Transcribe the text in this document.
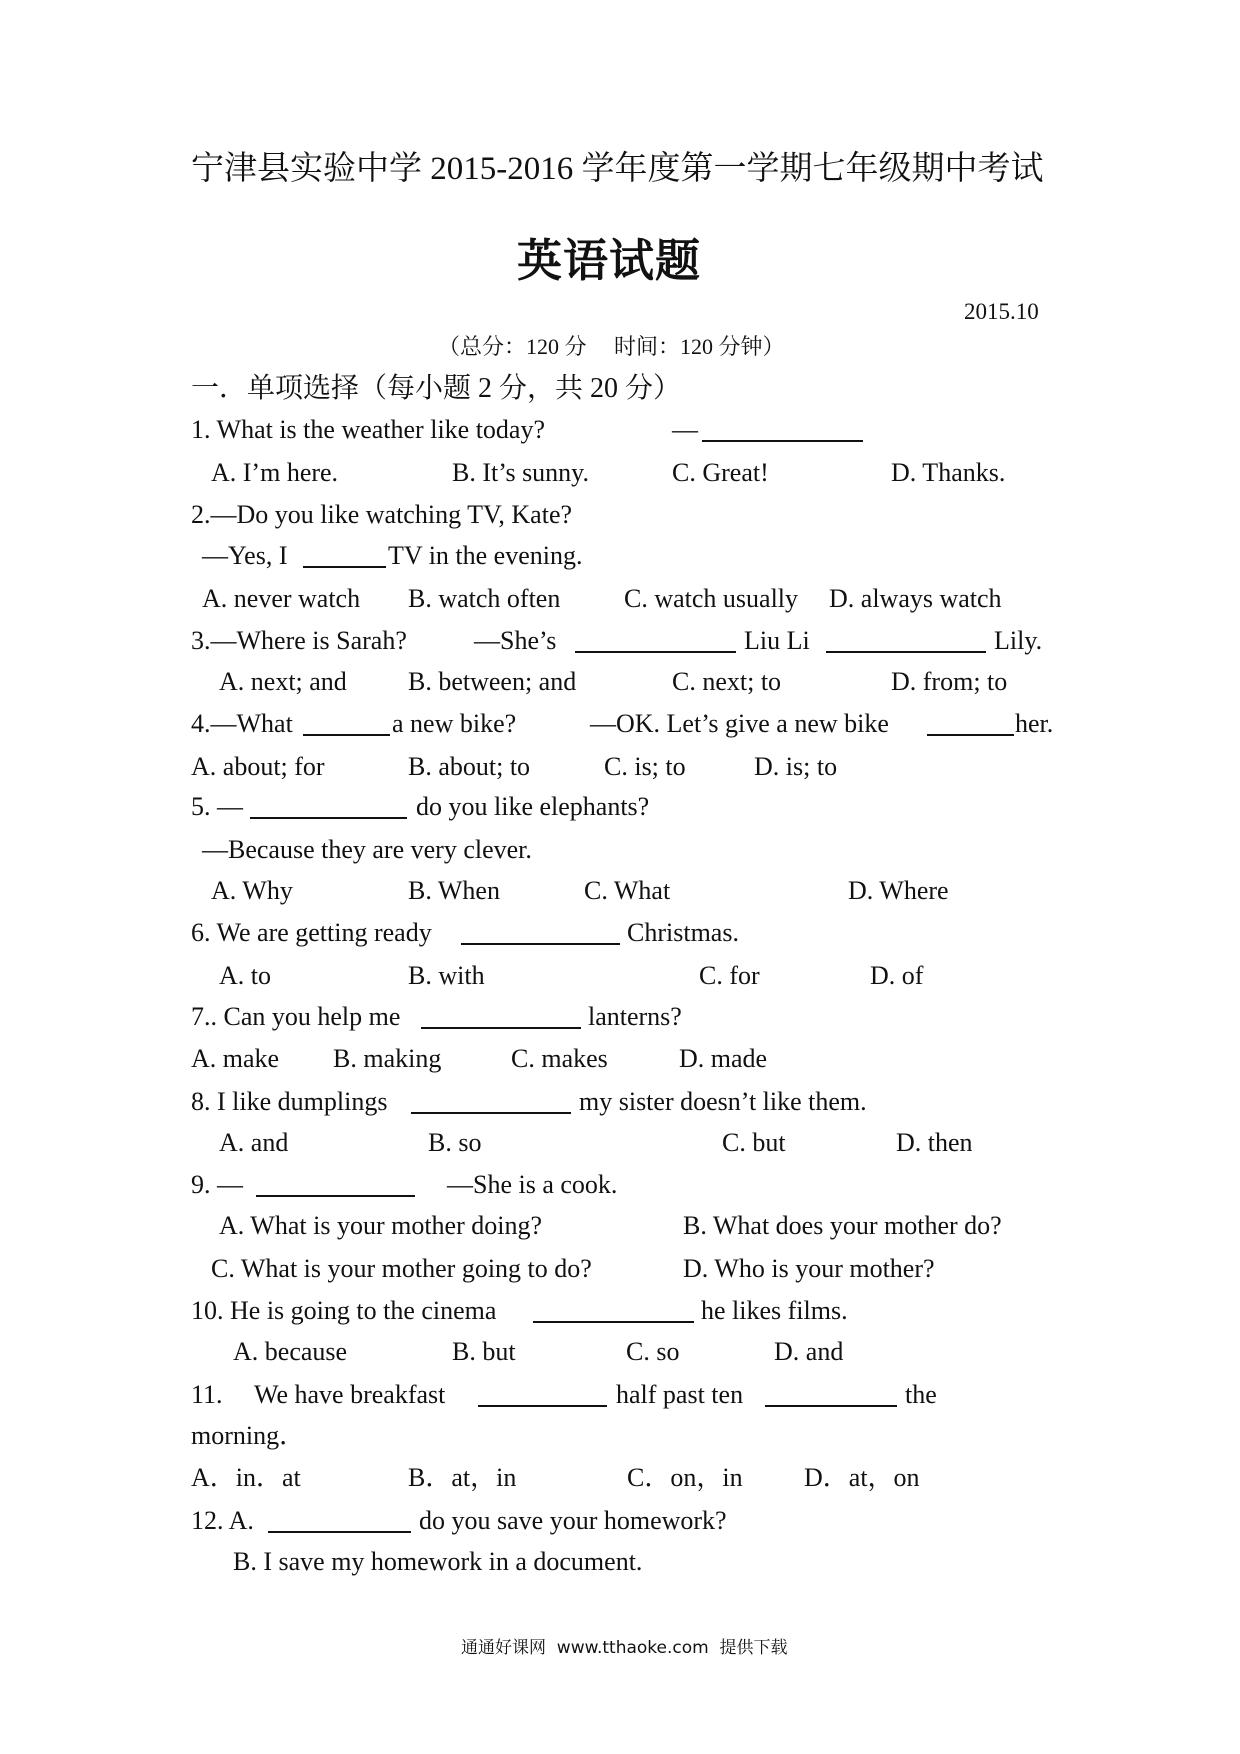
宁津县实验中学 2015-2016 学年度第一学期七年级期中考试
英语试题
2015.10
（总分：120 分     时间：120 分钟）
一．单项选择（每小题 2 分，共 20 分）
1. What is the weather like today?	—
A. I’m here.	B. It’s sunny.	C. Great!	D. Thanks.
2.—Do you like watching TV, Kate?
—Yes, I	TV in the evening.
A. never watch B. watch often C. watch usually D. always watch
3.—Where is Sarah?	—She’s	Liu Li	Lily.
A. next; and B. between; and	C. next; to	D. from; to
4.—What	a new bike?	—OK. Let’s give a new bike	her.
A. about; for	B. about; to	C. is; to	D. is; to
5. —	do you like elephants?
—Because they are very clever.
A. Why	B. When	C. What	D. Where
6. We are getting ready	Christmas.
A. to	B. with	C. for	D. of
7.. Can you help me	lanterns?
A. make B. making	C. makes	D. made
8. I like dumplings	my sister doesn’t like them.
A. and	B. so	C. but	D. then
9. —	—She is a cook.
A. What is your mother doing?	B. What does your mother do?
C. What is your mother going to do?	D. Who is your mother?
10. He is going to the cinema	he likes films.
A. because	B. but	C. so	D. and
11. We have breakfast	half past ten	the
morning．
A．in．at	B．at，in	C．on，in D．at，on
12. A.	do you save your homework?
B. I save my homework in a document.
通通好课网  www.tthaoke.com  提供下载
